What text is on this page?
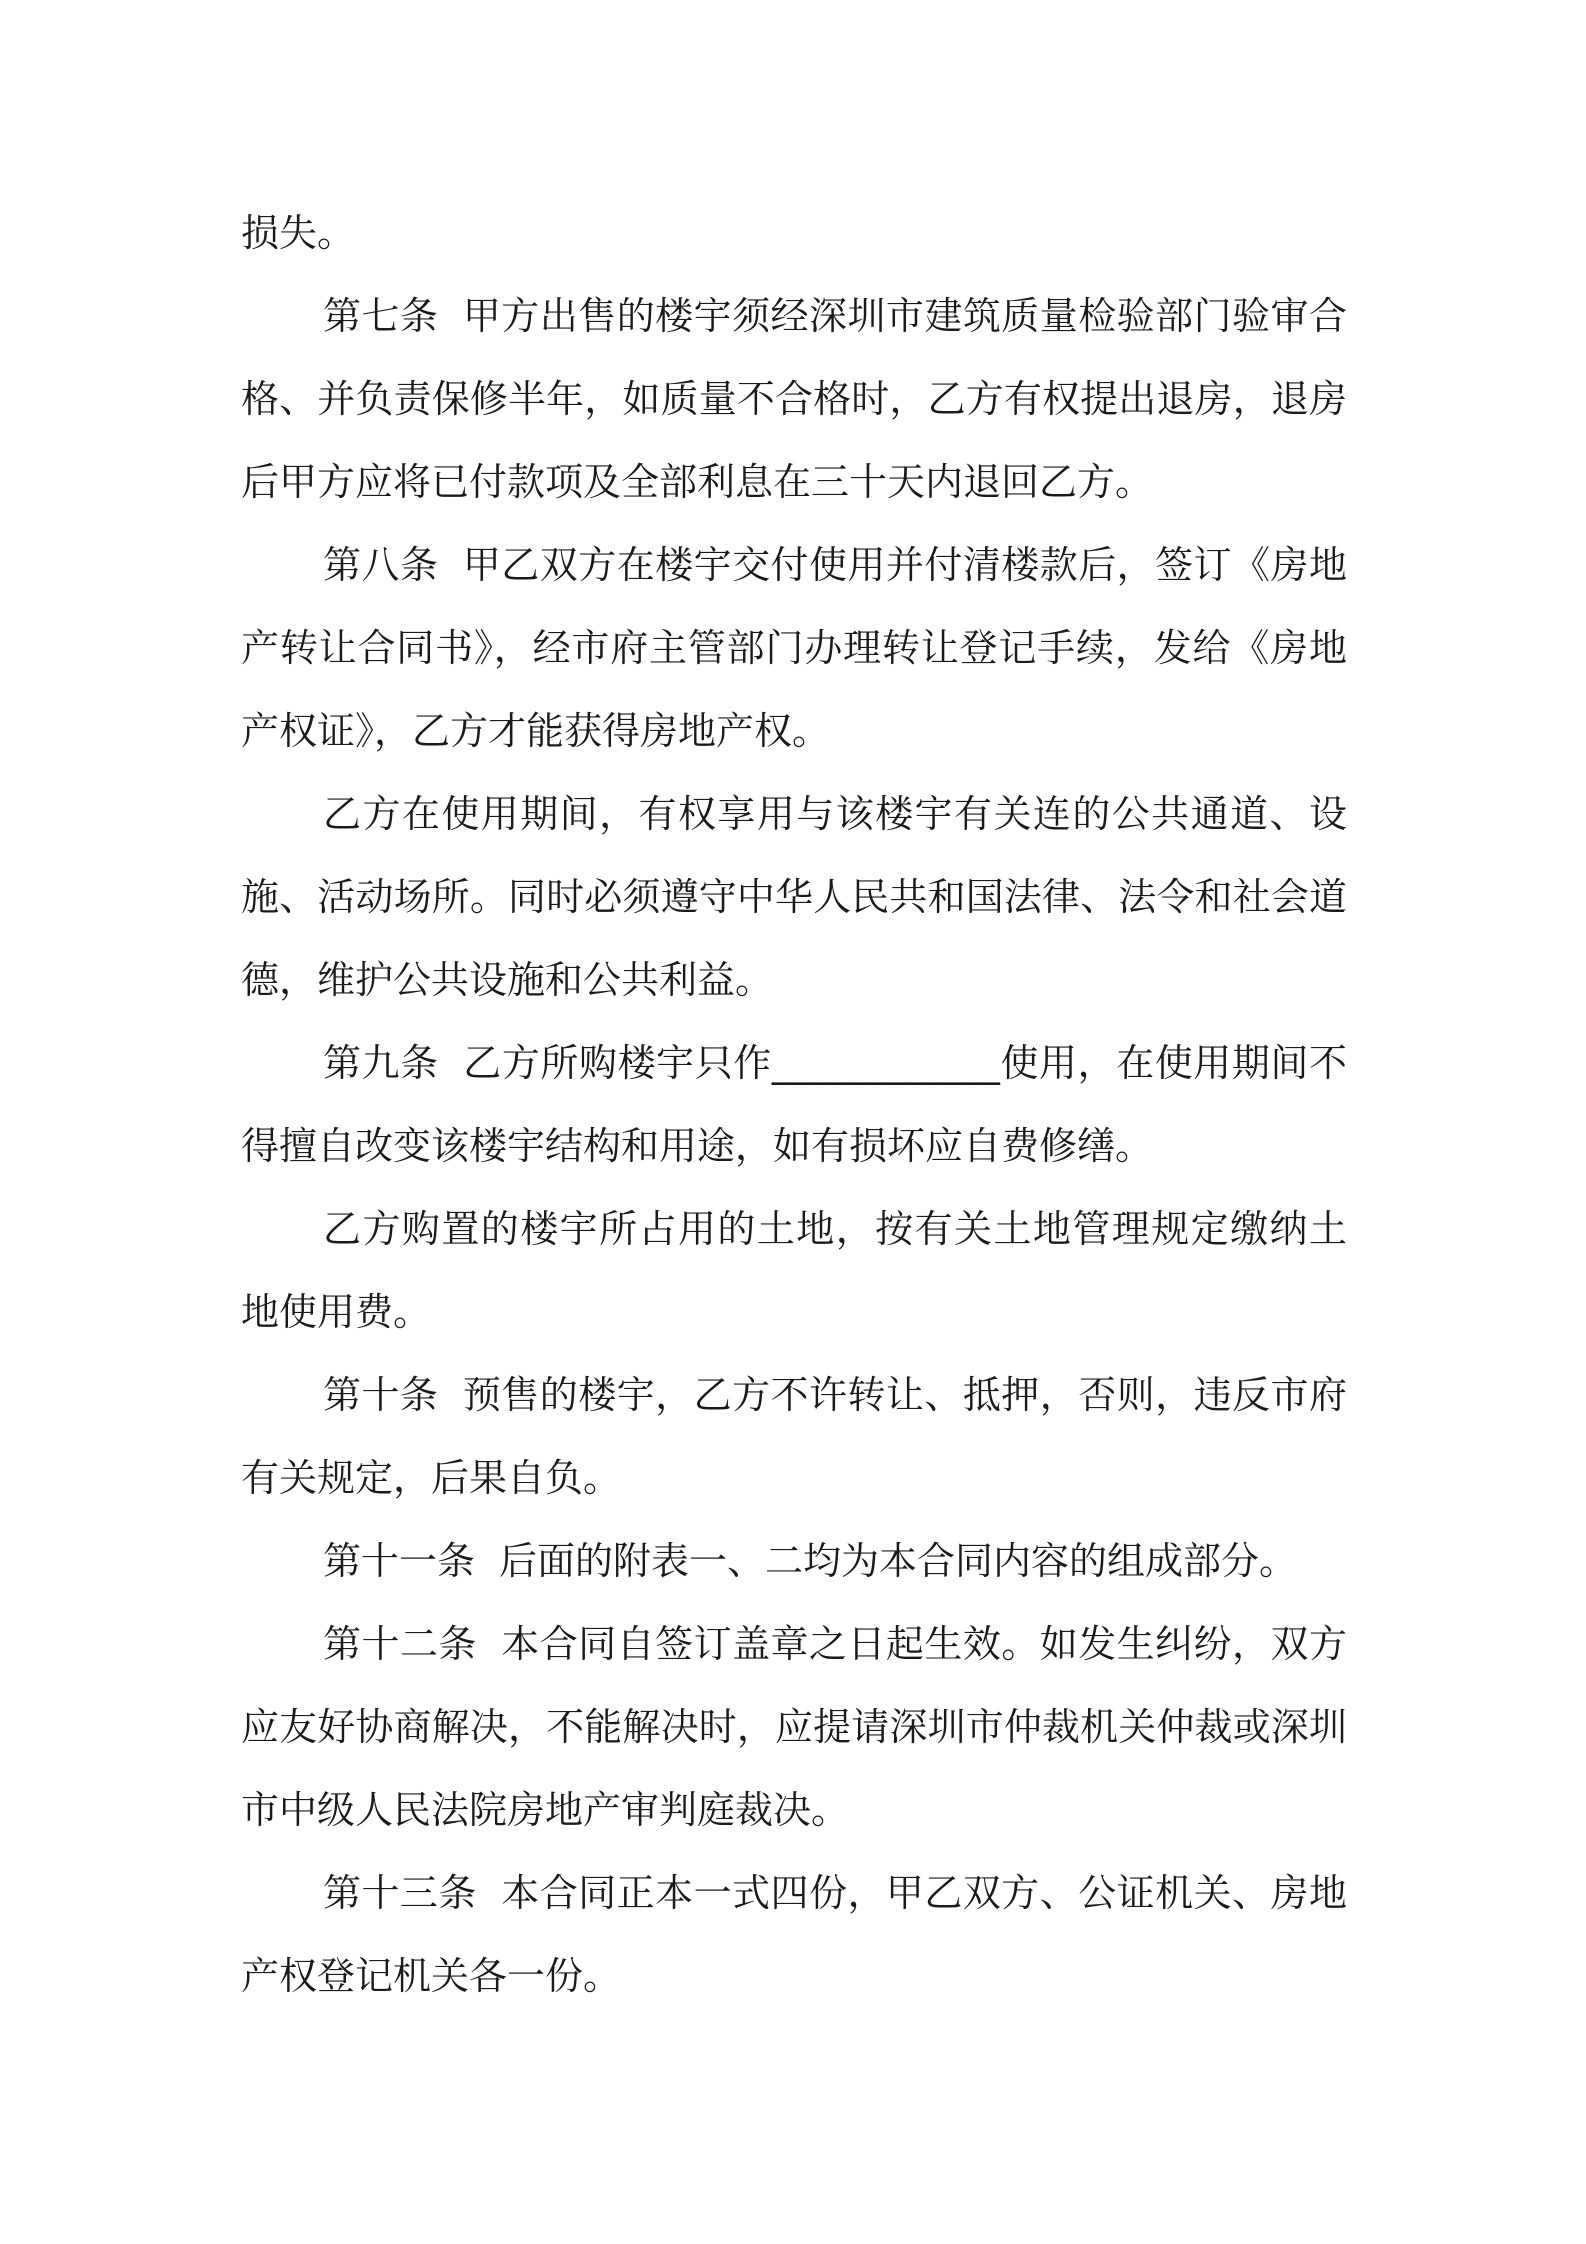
损失。

第七条 甲方出售的楼宇须经深圳市建筑质量检验部门验审合格、并负责保修半年，如质量不合格时，乙方有权提出退房，退房后甲方应将已付款项及全部利息在三十天内退回乙方。

第八条 甲乙双方在楼宇交付使用并付清楼款后，签订《房地产转让合同书》，经市府主管部门办理转让登记手续，发给《房地产权证》，乙方才能获得房地产权。

乙方在使用期间，有权享用与该楼宇有关连的公共通道、设施、活动场所。同时必须遵守中华人民共和国法律、法令和社会道德，维护公共设施和公共利益。

第九条 乙方所购楼宇只作____________使用，在使用期间不得擅自改变该楼宇结构和用途，如有损坏应自费修缮。

乙方购置的楼宇所占用的土地，按有关土地管理规定缴纳土地使用费。

第十条 预售的楼宇，乙方不许转让、抵押，否则，违反市府有关规定，后果自负。

第十一条 后面的附表一、二均为本合同内容的组成部分。

第十二条 本合同自签订盖章之日起生效。如发生纠纷，双方应友好协商解决，不能解决时，应提请深圳市仲裁机关仲裁或深圳市中级人民法院房地产审判庭裁决。

第十三条 本合同正本一式四份，甲乙双方、公证机关、房地产权登记机关各一份。
